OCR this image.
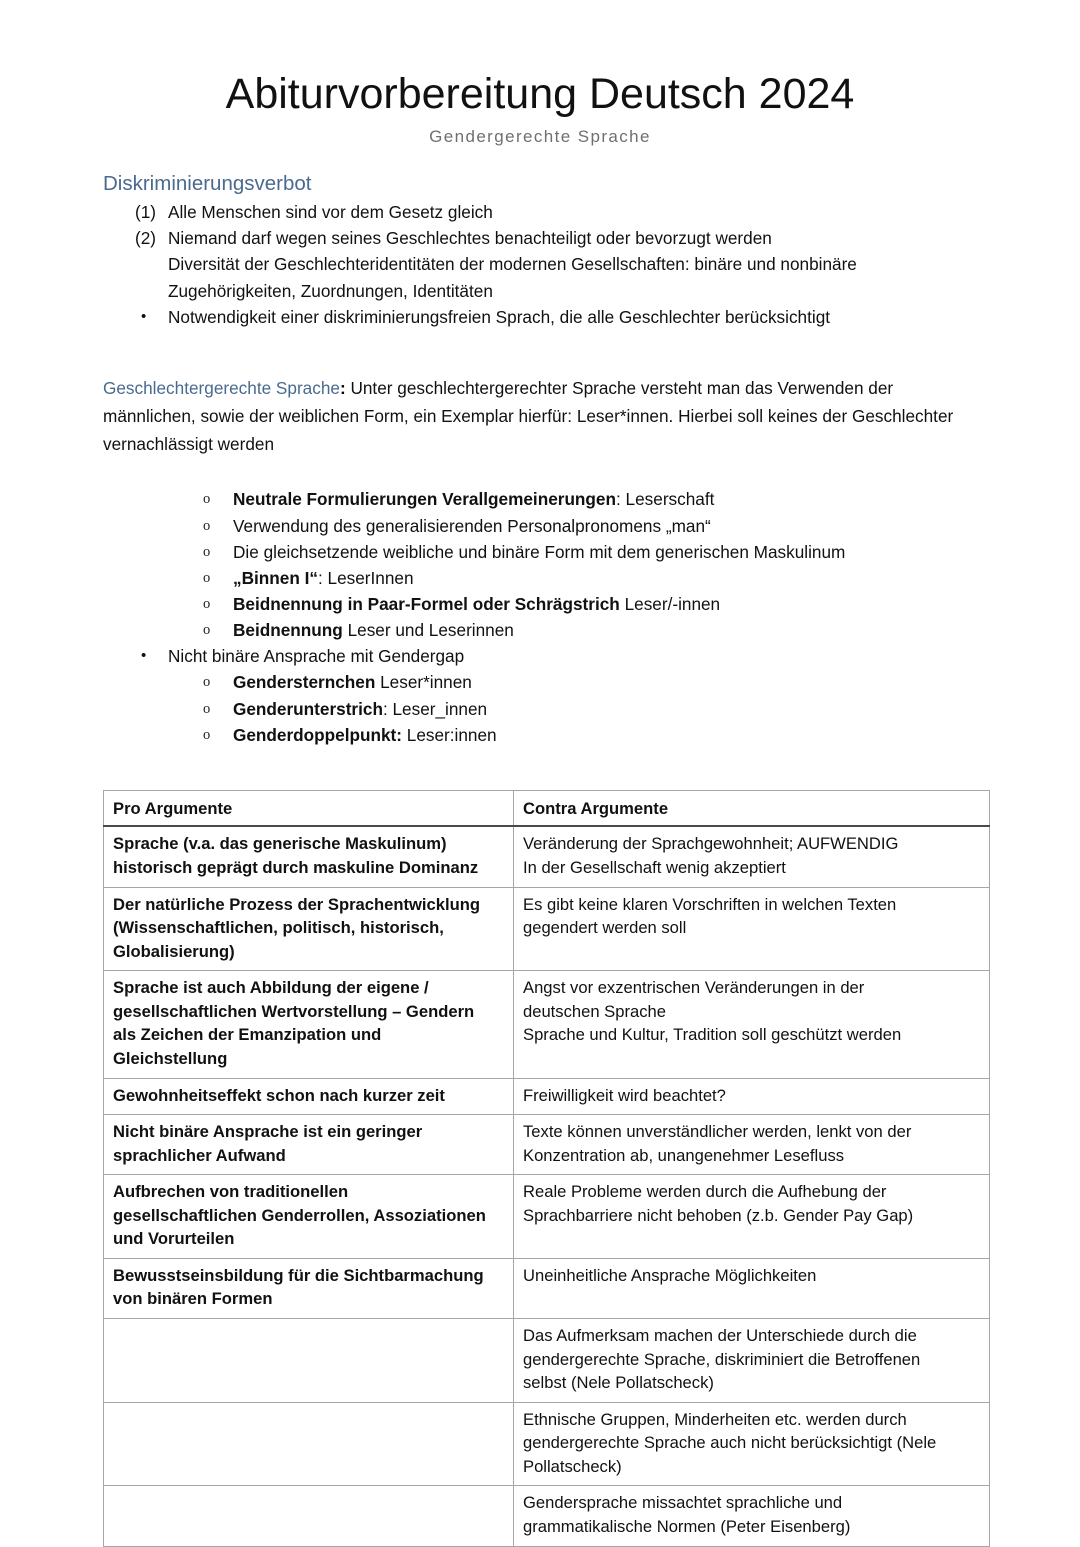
Abiturvorbereitung Deutsch 2024
Gendergerechte Sprache
Diskriminierungsverbot
(1) Alle Menschen sind vor dem Gesetz gleich
(2) Niemand darf wegen seines Geschlechtes benachteiligt oder bevorzugt werden
Diversität der Geschlechteridentitäten der modernen Gesellschaften: binäre und nonbinäre Zugehörigkeiten, Zuordnungen, Identitäten
• Notwendigkeit einer diskriminierungsfreien Sprach, die alle Geschlechter berücksichtigt

Geschlechtergerechte Sprache: Unter geschlechtergerechter Sprache versteht man das Verwenden der männlichen, sowie der weiblichen Form, ein Exemplar hierfür: Leser*innen. Hierbei soll keines der Geschlechter vernachlässigt werden

o Neutrale Formulierungen Verallgemeinerungen: Leserschaft
o Verwendung des generalisierenden Personalpronomens „man“
o Die gleichsetzende weibliche und binäre Form mit dem generischen Maskulinum
o „Binnen I“: LeserInnen
o Beidnennung in Paar-Formel oder Schrägstrich Leser/-innen
o Beidnennung Leser und Leserinnen
• Nicht binäre Ansprache mit Gendergap
o Gendersternchen Leser*innen
o Genderunterstrich: Leser_innen
o Genderdoppelpunkt: Leser:innen
Pro Argumente	Contra Argumente

Sprache (v.a. das generische Maskulinum)
historisch geprägt durch maskuline Dominanz	Veränderung der Sprachgewohnheit; AUFWENDIG
In der Gesellschaft wenig akzeptiert

Der natürliche Prozess der Sprachentwicklung
(Wissenschaftlichen, politisch, historisch,
Globalisierung)	Es gibt keine klaren Vorschriften in welchen Texten
gegendert werden soll

Sprache ist auch Abbildung der eigene /
gesellschaftlichen Wertvorstellung – Gendern
als Zeichen der Emanzipation und
Gleichstellung	Angst vor exzentrischen Veränderungen in der
deutschen Sprache
Sprache und Kultur, Tradition soll geschützt werden

Gewohnheitseffekt schon nach kurzer zeit	Freiwilligkeit wird beachtet?

Nicht binäre Ansprache ist ein geringer
sprachlicher Aufwand	Texte können unverständlicher werden, lenkt von der
Konzentration ab, unangenehmer Lesefluss

Aufbrechen von traditionellen
gesellschaftlichen Genderrollen, Assoziationen
und Vorurteilen	Reale Probleme werden durch die Aufhebung der
Sprachbarriere nicht behoben (z.b. Gender Pay Gap)

Bewusstseinsbildung für die Sichtbarmachung
von binären Formen	Uneinheitliche Ansprache Möglichkeiten

	Das Aufmerksam machen der Unterschiede durch die
gendergerechte Sprache, diskriminiert die Betroffenen
selbst (Nele Pollatscheck)

	Ethnische Gruppen, Minderheiten etc. werden durch
gendergerechte Sprache auch nicht berücksichtigt (Nele
Pollatscheck)

	Gendersprache missachtet sprachliche und
grammatikalische Normen (Peter Eisenberg)
